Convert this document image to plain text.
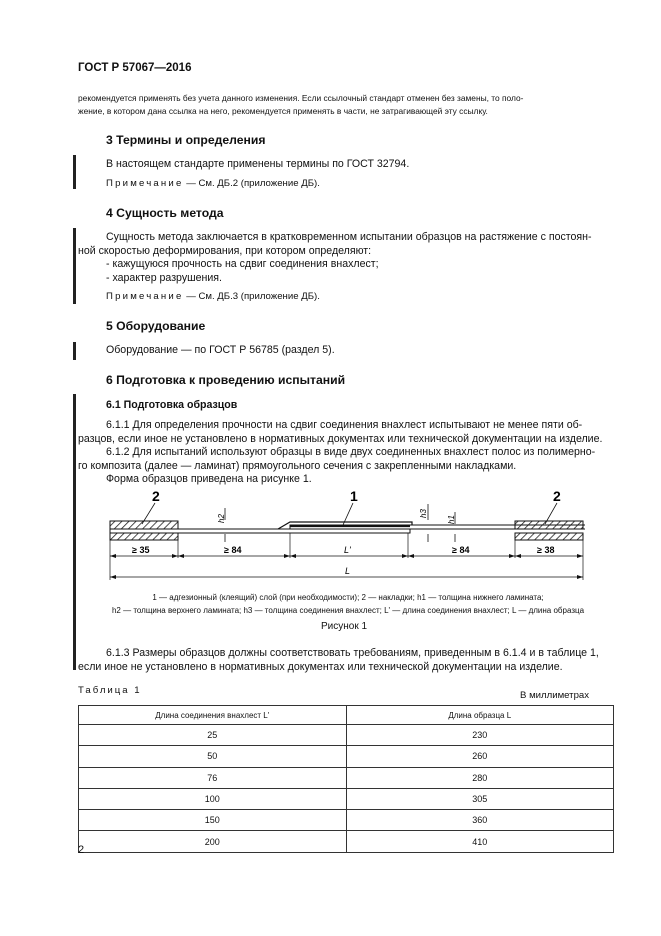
ГОСТ Р 57067—2016
рекомендуется применять без учета данного изменения. Если ссылочный стандарт отменен без замены, то поло-
жение, в котором дана ссылка на него, рекомендуется применять в части, не затрагивающей эту ссылку.
3 Термины и определения
В настоящем стандарте применены термины по ГОСТ 32794.
Примечание — См. ДБ.2 (приложение ДБ).
4 Сущность метода
Сущность метода заключается в кратковременном испытании образцов на растяжение с постоян-
ной скоростью деформирования, при котором определяют:
- кажущуюся прочность на сдвиг соединения внахлест;
- характер разрушения.
Примечание — См. ДБ.3 (приложение ДБ).
5 Оборудование
Оборудование — по ГОСТ Р 56785 (раздел 5).
6 Подготовка к проведению испытаний
6.1 Подготовка образцов
6.1.1 Для определения прочности на сдвиг соединения внахлест испытывают не менее пяти об-
разцов, если иное не установлено в нормативных документах или технической документации на изделие.
6.1.2 Для испытаний используют образцы в виде двух соединенных внахлест полос из полимерно-
го композита (далее — ламинат) прямоугольного сечения с закрепленными накладками.
Форма образцов приведена на рисунке 1.
2	1	2
h2
h3
h1
≥ 35	≥ 84	L'	≥ 84	≥ 38
L
1 — адгезионный (клеящий) слой (при необходимости); 2 — накладки; h1 — толщина нижнего ламината;
h2 — толщина верхнего ламината; h3 — толщина соединения внахлест; L' — длина соединения внахлест; L — длина образца
Рисунок 1
6.1.3 Размеры образцов должны соответствовать требованиям, приведенным в 6.1.4 и в таблице 1,
если иное не установлено в нормативных документах или технической документации на изделие.
Таблица 1	В миллиметрах
Длина соединения внахлест L'	Длина образца L
25	230
50	260
76	280
100	305
150	360
200	410
2
